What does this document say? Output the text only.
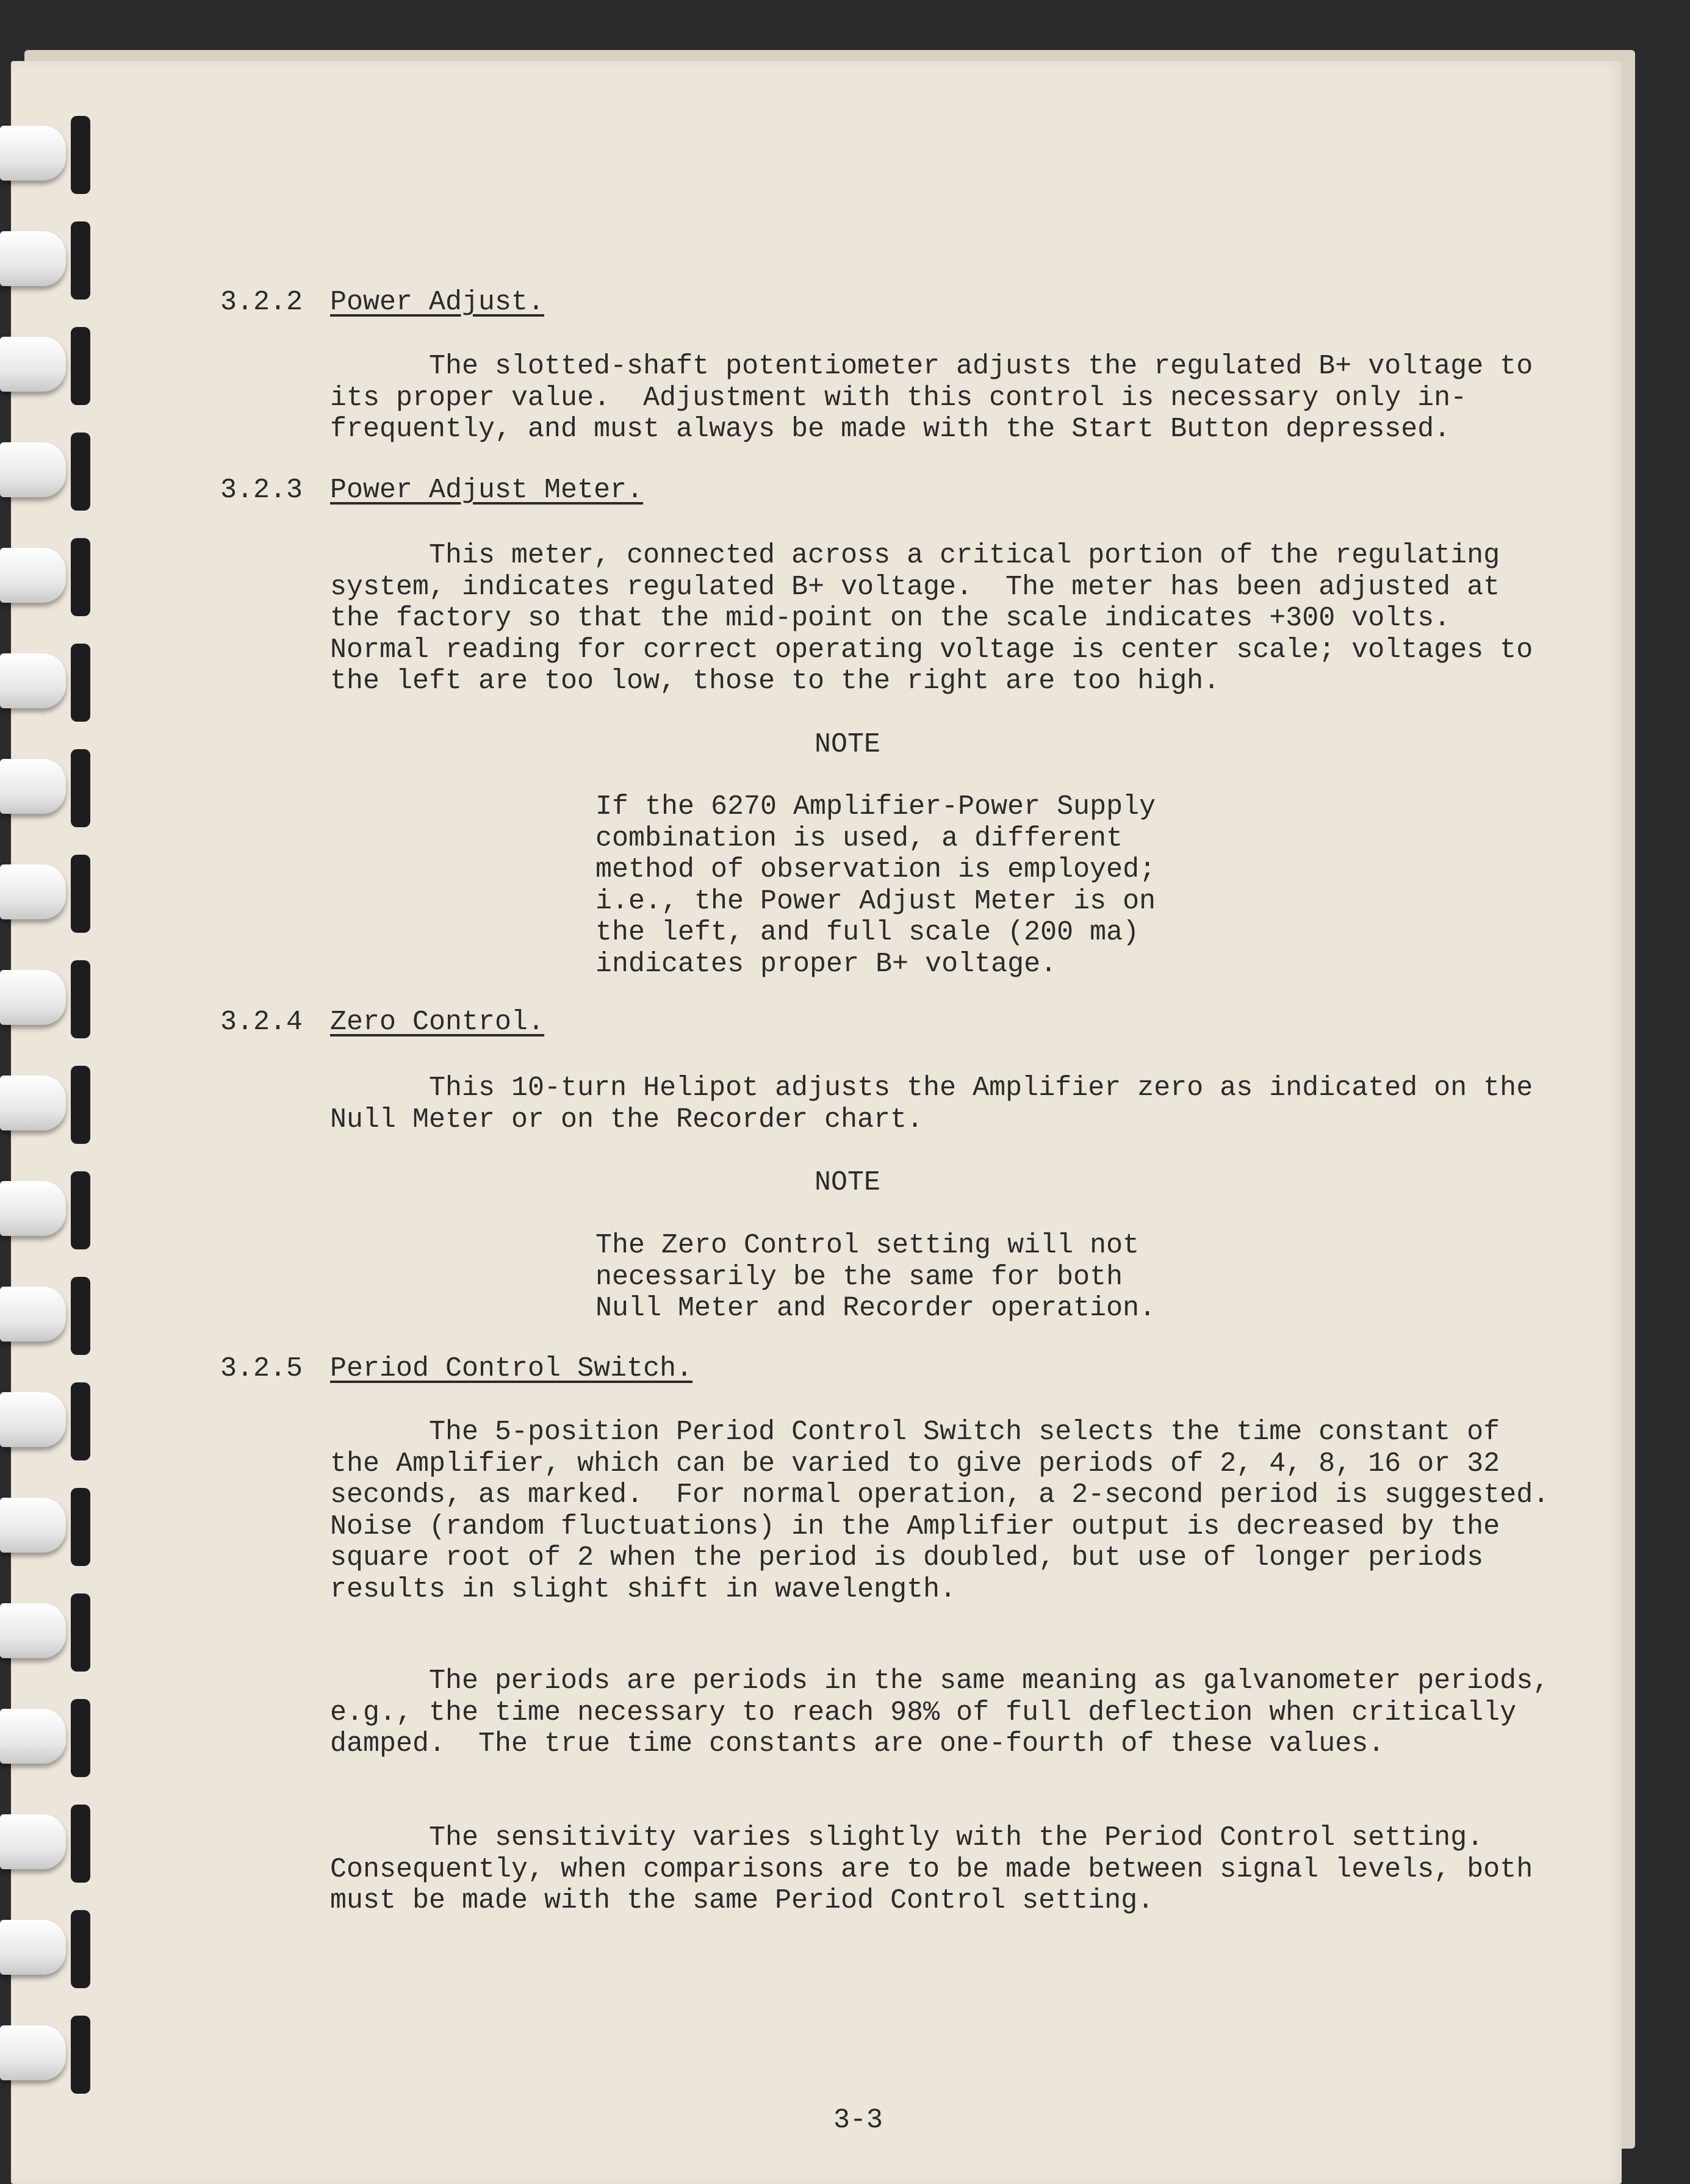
3.2.2 Power Adjust.
The slotted-shaft potentiometer adjusts the regulated B+ voltage to
its proper value.  Adjustment with this control is necessary only in-
frequently, and must always be made with the Start Button depressed.
3.2.3 Power Adjust Meter.
This meter, connected across a critical portion of the regulating
system, indicates regulated B+ voltage.  The meter has been adjusted at
the factory so that the mid-point on the scale indicates +300 volts.
Normal reading for correct operating voltage is center scale; voltages to
the left are too low, those to the right are too high.
NOTE
If the 6270 Amplifier-Power Supply
combination is used, a different
method of observation is employed;
i.e., the Power Adjust Meter is on
the left, and full scale (200 ma)
indicates proper B+ voltage.
3.2.4 Zero Control.
This 10-turn Helipot adjusts the Amplifier zero as indicated on the
Null Meter or on the Recorder chart.
NOTE
The Zero Control setting will not
necessarily be the same for both
Null Meter and Recorder operation.
3.2.5 Period Control Switch.
The 5-position Period Control Switch selects the time constant of
the Amplifier, which can be varied to give periods of 2, 4, 8, 16 or 32
seconds, as marked.  For normal operation, a 2-second period is suggested.
Noise (random fluctuations) in the Amplifier output is decreased by the
square root of 2 when the period is doubled, but use of longer periods
results in slight shift in wavelength.
The periods are periods in the same meaning as galvanometer periods,
e.g., the time necessary to reach 98% of full deflection when critically
damped.  The true time constants are one-fourth of these values.
The sensitivity varies slightly with the Period Control setting.
Consequently, when comparisons are to be made between signal levels, both
must be made with the same Period Control setting.
3-3
